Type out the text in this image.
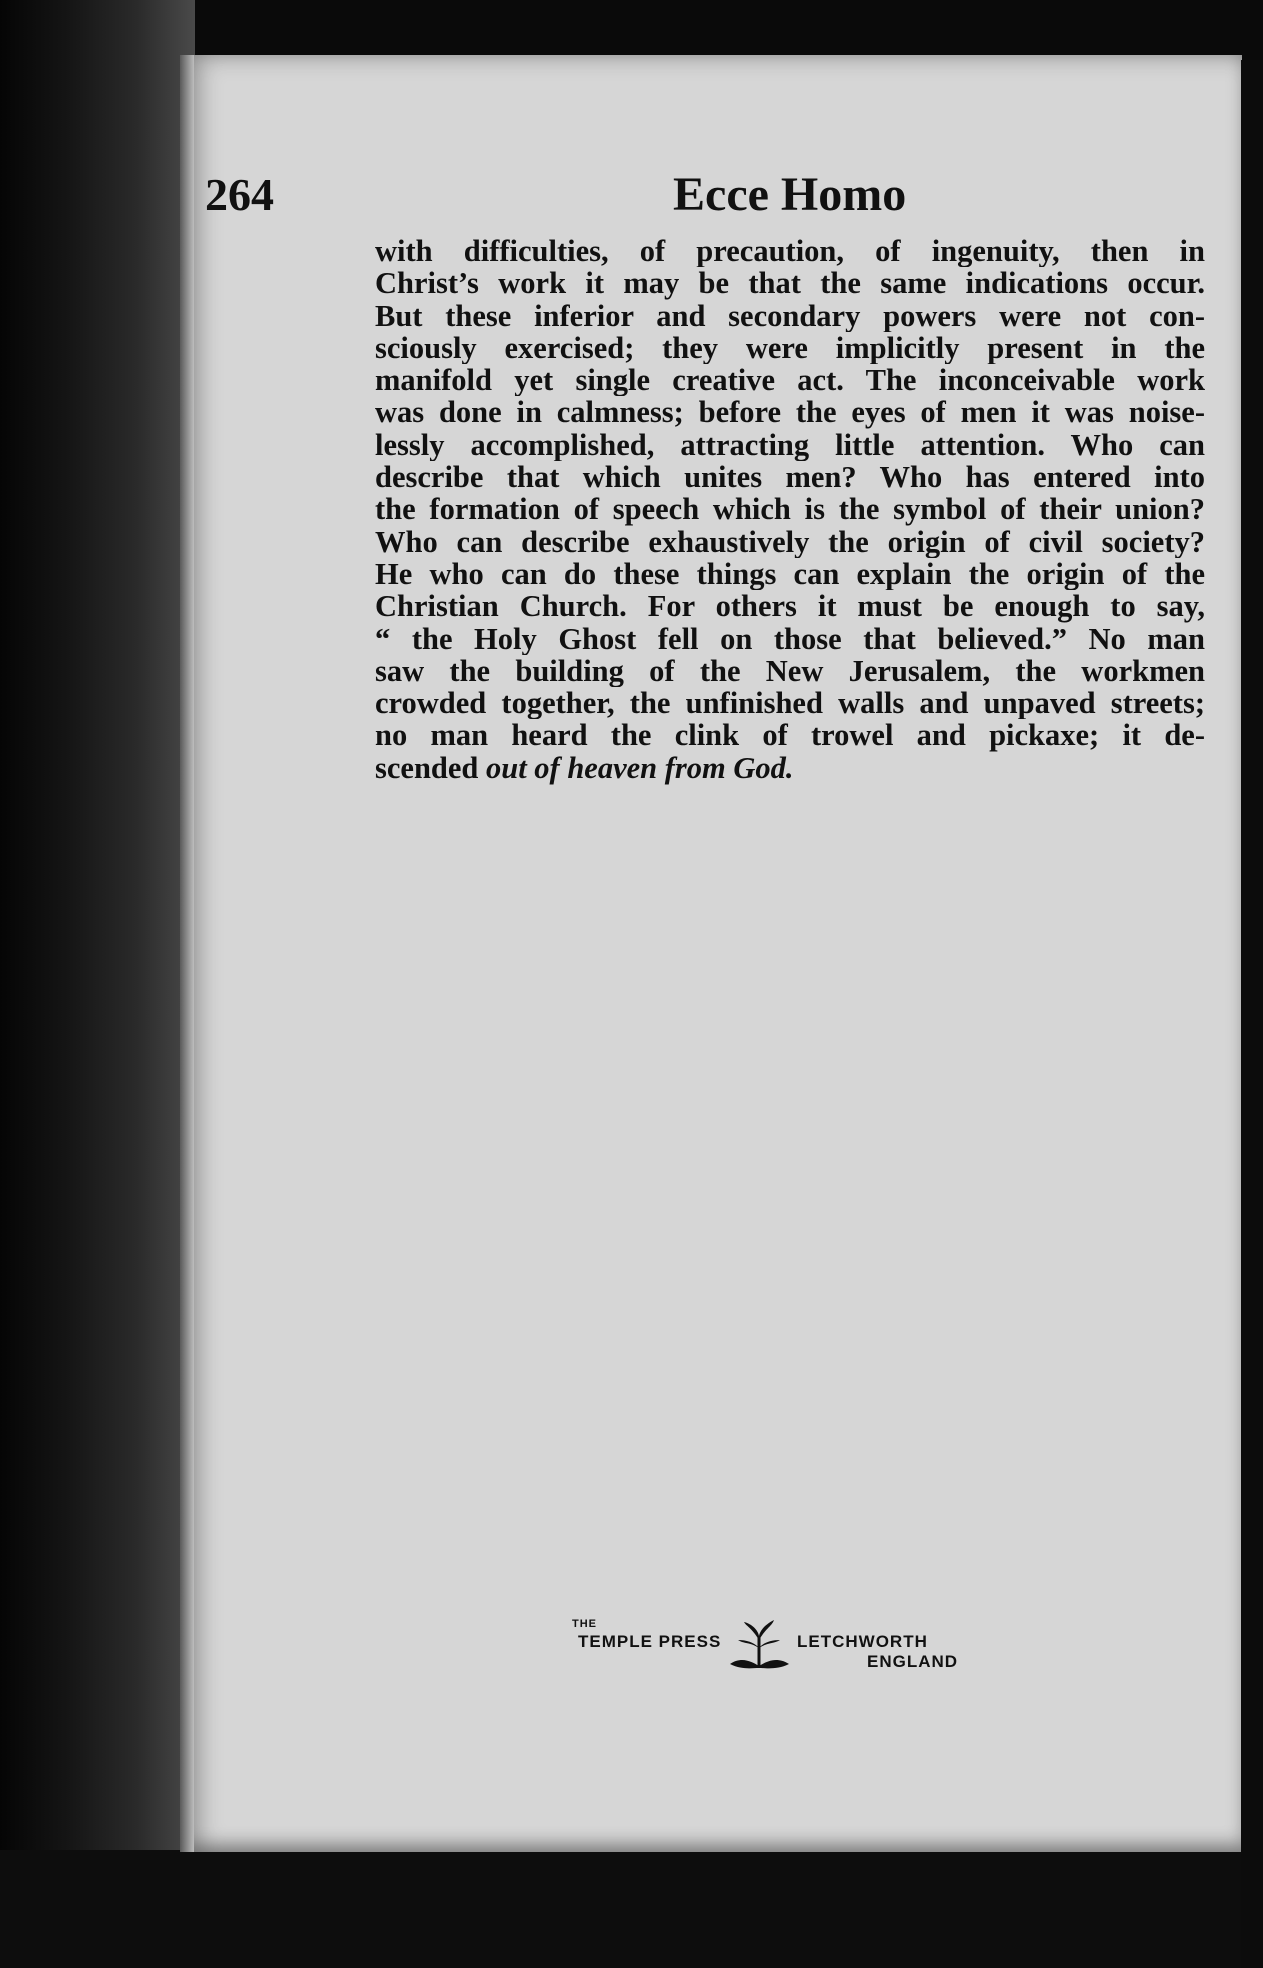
264	Ecce Homo
with difficulties, of precaution, of ingenuity, then in
Christ’s work it may be that the same indications occur.
But these inferior and secondary powers were not con-
sciously exercised; they were implicitly present in the
manifold yet single creative act. The inconceivable work
was done in calmness; before the eyes of men it was noise-
lessly accomplished, attracting little attention. Who can
describe that which unites men? Who has entered into
the formation of speech which is the symbol of their union?
Who can describe exhaustively the origin of civil society?
He who can do these things can explain the origin of the
Christian Church. For others it must be enough to say,
“ the Holy Ghost fell on those that believed.” No man
saw the building of the New Jerusalem, the workmen
crowded together, the unfinished walls and unpaved streets;
no man heard the clink of trowel and pickaxe; it de-
scended out of heaven from God.
THE
TEMPLE PRESS	LETCHWORTH
ENGLAND
